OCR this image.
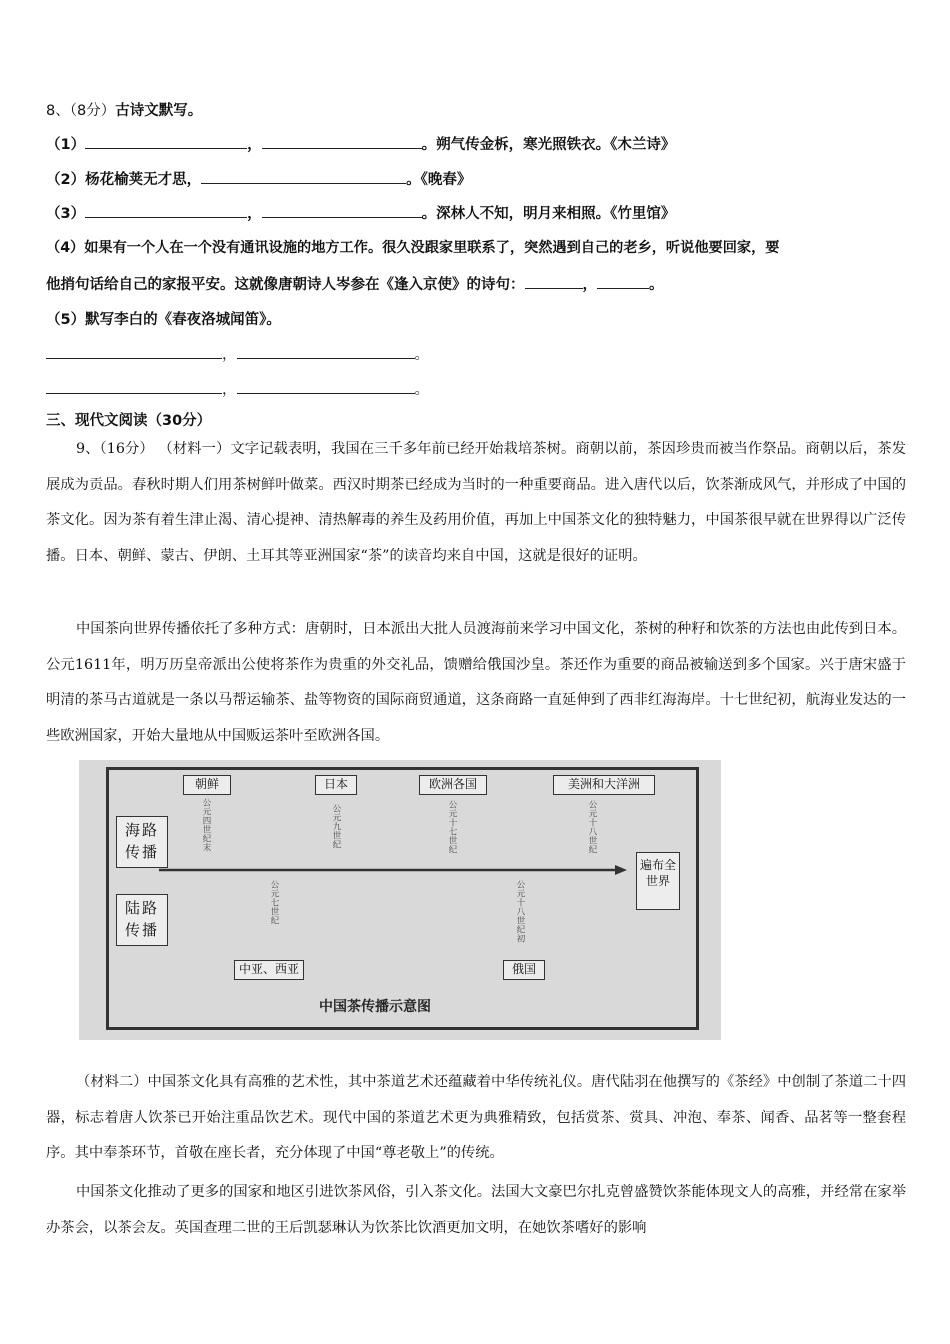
8、（8分）古诗文默写。
（1）	，	。朔气传金柝，寒光照铁衣。《木兰诗》
（2）杨花榆荚无才思，	。《晚春》
（3）	，	。深林人不知，明月来相照。《竹里馆》
（4）如果有一个人在一个没有通讯设施的地方工作。很久没跟家里联系了，突然遇到自己的老乡，听说他要回家，要
他捎句话给自己的家报平安。这就像唐朝诗人岑参在《逢入京使》的诗句：	，	。
（5）默写李白的《春夜洛城闻笛》。
，	。
，	。
三、现代文阅读（30分）
9、（16分） （材料一）文字记载表明，我国在三千多年前已经开始栽培茶树。商朝以前，茶因珍贵而被当作祭品。商朝以后，茶发展成为贡品。春秋时期人们用茶树鲜叶做菜。西汉时期茶已经成为当时的一种重要商品。进入唐代以后，饮茶渐成风气，并形成了中国的茶文化。因为茶有着生津止渴、清心提神、清热解毒的养生及药用价值，再加上中国茶文化的独特魅力，中国茶很早就在世界得以广泛传播。日本、朝鲜、蒙古、伊朗、土耳其等亚洲国家“茶”的读音均来自中国，这就是很好的证明。
中国茶向世界传播依托了多种方式：唐朝时，日本派出大批人员渡海前来学习中国文化，茶树的种籽和饮茶的方法也由此传到日本。公元1611年，明万历皇帝派出公使将茶作为贵重的外交礼品，馈赠给俄国沙皇。茶还作为重要的商品被输送到多个国家。兴于唐宋盛于明清的茶马古道就是一条以马帮运输茶、盐等物资的国际商贸通道，这条商路一直延伸到了西非红海海岸。十七世纪初，航海业发达的一些欧洲国家，开始大量地从中国贩运茶叶至欧洲各国。
朝鲜	日本	欧洲各国	美洲和大洋洲
公元四世纪末	公元九世纪	公元十七世纪	公元十八世纪
海路传播
陆路传播
遍布全世界
公元七世纪	公元十八世纪初
中亚、西亚	俄国
中国茶传播示意图
（材料二）中国茶文化具有高雅的艺术性，其中茶道艺术还蕴藏着中华传统礼仪。唐代陆羽在他撰写的《茶经》中创制了茶道二十四器，标志着唐人饮茶已开始注重品饮艺术。现代中国的茶道艺术更为典雅精致，包括赏茶、赏具、冲泡、奉茶、闻香、品茗等一整套程序。其中奉茶环节，首敬在座长者，充分体现了中国“尊老敬上”的传统。
中国茶文化推动了更多的国家和地区引进饮茶风俗，引入茶文化。法国大文豪巴尔扎克曾盛赞饮茶能体现文人的高雅，并经常在家举办茶会，以茶会友。英国查理二世的王后凯瑟琳认为饮茶比饮酒更加文明，在她饮茶嗜好的影响
